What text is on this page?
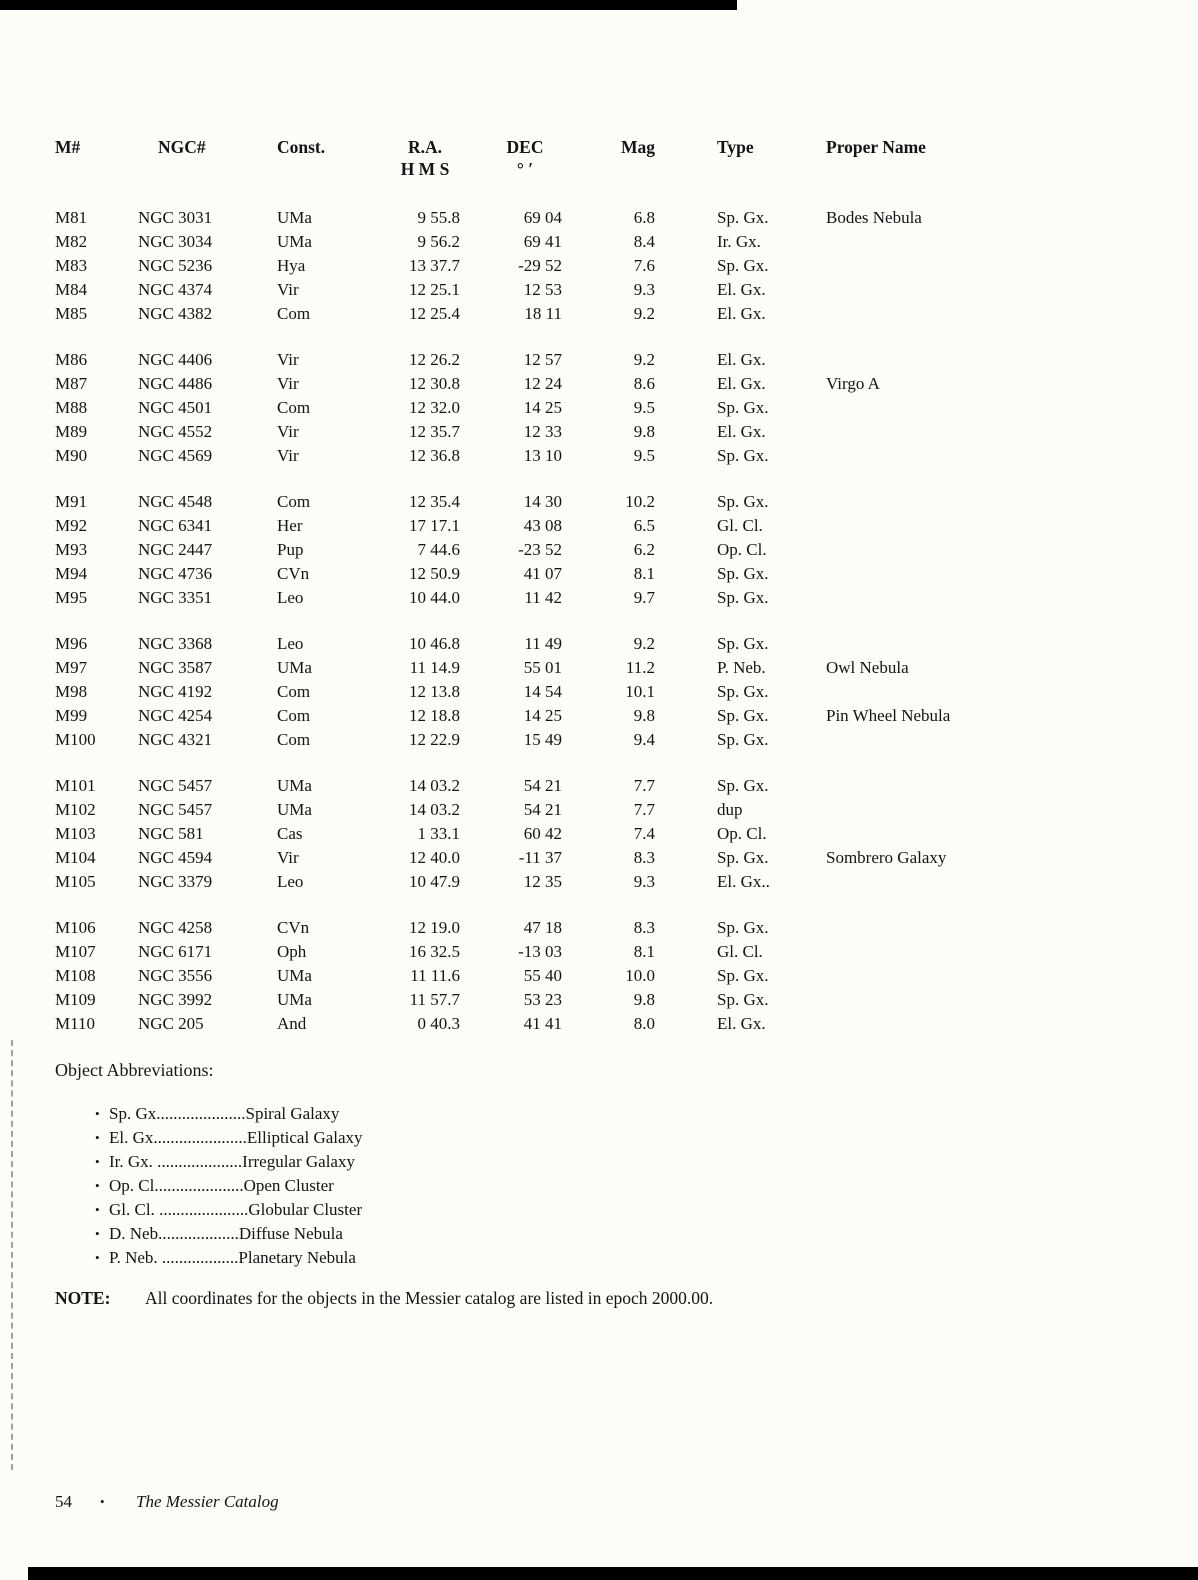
M#	NGC#	Const.	R.A.	DEC	Mag	Type	Proper Name
H M S	° ′
M81	NGC 3031	UMa	9 55.8	69 04	6.8	Sp. Gx.	Bodes Nebula
M82	NGC 3034	UMa	9 56.2	69 41	8.4	Ir. Gx.
M83	NGC 5236	Hya	13 37.7	-29 52	7.6	Sp. Gx.
M84	NGC 4374	Vir	12 25.1	12 53	9.3	El. Gx.
M85	NGC 4382	Com	12 25.4	18 11	9.2	El. Gx.
M86	NGC 4406	Vir	12 26.2	12 57	9.2	El. Gx.
M87	NGC 4486	Vir	12 30.8	12 24	8.6	El. Gx.	Virgo A
M88	NGC 4501	Com	12 32.0	14 25	9.5	Sp. Gx.
M89	NGC 4552	Vir	12 35.7	12 33	9.8	El. Gx.
M90	NGC 4569	Vir	12 36.8	13 10	9.5	Sp. Gx.
M91	NGC 4548	Com	12 35.4	14 30	10.2	Sp. Gx.
M92	NGC 6341	Her	17 17.1	43 08	6.5	Gl. Cl.
M93	NGC 2447	Pup	7 44.6	-23 52	6.2	Op. Cl.
M94	NGC 4736	CVn	12 50.9	41 07	8.1	Sp. Gx.
M95	NGC 3351	Leo	10 44.0	11 42	9.7	Sp. Gx.
M96	NGC 3368	Leo	10 46.8	11 49	9.2	Sp. Gx.
M97	NGC 3587	UMa	11 14.9	55 01	11.2	P. Neb.	Owl Nebula
M98	NGC 4192	Com	12 13.8	14 54	10.1	Sp. Gx.
M99	NGC 4254	Com	12 18.8	14 25	9.8	Sp. Gx.	Pin Wheel Nebula
M100	NGC 4321	Com	12 22.9	15 49	9.4	Sp. Gx.
M101	NGC 5457	UMa	14 03.2	54 21	7.7	Sp. Gx.
M102	NGC 5457	UMa	14 03.2	54 21	7.7	dup
M103	NGC 581	Cas	1 33.1	60 42	7.4	Op. Cl.
M104	NGC 4594	Vir	12 40.0	-11 37	8.3	Sp. Gx.	Sombrero Galaxy
M105	NGC 3379	Leo	10 47.9	12 35	9.3	El. Gx..
M106	NGC 4258	CVn	12 19.0	47 18	8.3	Sp. Gx.
M107	NGC 6171	Oph	16 32.5	-13 03	8.1	Gl. Cl.
M108	NGC 3556	UMa	11 11.6	55 40	10.0	Sp. Gx.
M109	NGC 3992	UMa	11 57.7	53 23	9.8	Sp. Gx.
M110	NGC 205	And	0 40.3	41 41	8.0	El. Gx.
Object Abbreviations:
• Sp. Gx.....................Spiral Galaxy
• El. Gx......................Elliptical Galaxy
• Ir. Gx. ....................Irregular Galaxy
• Op. Cl.....................Open Cluster
• Gl. Cl. .....................Globular Cluster
• D. Neb...................Diffuse Nebula
• P. Neb. ..................Planetary Nebula
NOTE: All coordinates for the objects in the Messier catalog are listed in epoch 2000.00.
54 • The Messier Catalog
